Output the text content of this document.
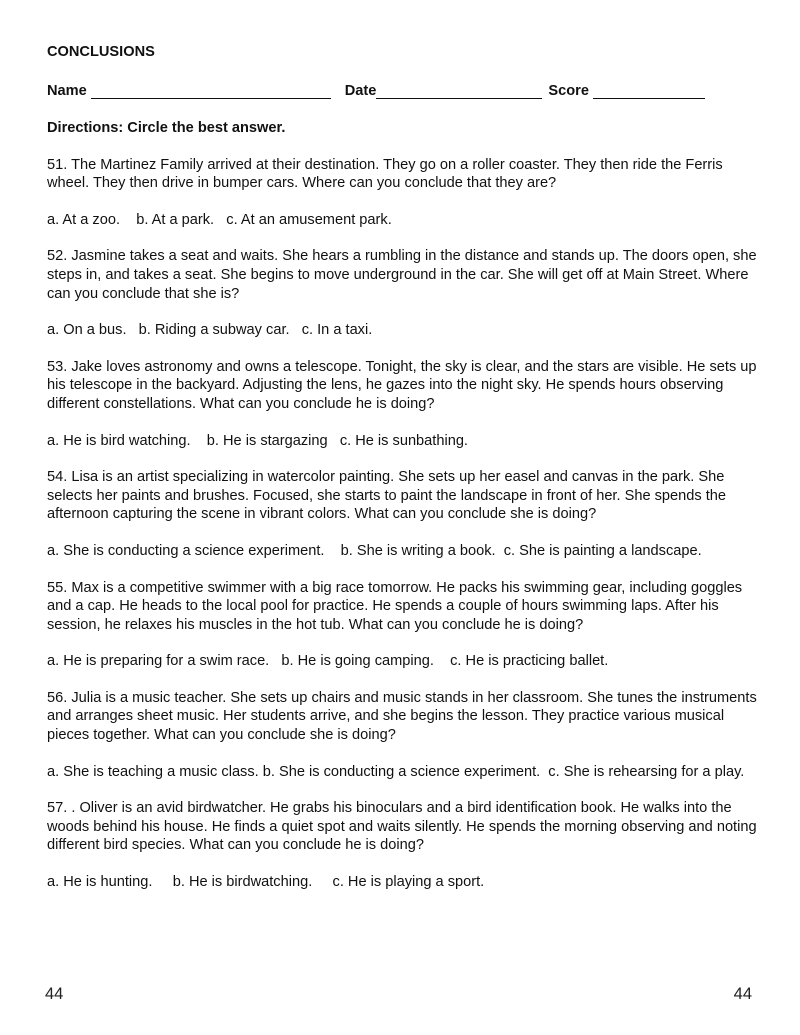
CONCLUSIONS
Name	Date	Score
Directions: Circle the best answer.

51. The Martinez Family arrived at their destination. They go on a roller coaster. They then ride the Ferris wheel. They then drive in bumper cars. Where can you conclude that they are?

a. At a zoo.    b. At a park.   c. At an amusement park.

52. Jasmine takes a seat and waits. She hears a rumbling in the distance and stands up. The doors open, she steps in, and takes a seat. She begins to move underground in the car. She will get off at Main Street. Where can you conclude that she is?

a. On a bus.   b. Riding a subway car.   c. In a taxi.

53. Jake loves astronomy and owns a telescope. Tonight, the sky is clear, and the stars are visible. He sets up his telescope in the backyard. Adjusting the lens, he gazes into the night sky. He spends hours observing different constellations. What can you conclude he is doing?

a. He is bird watching.    b. He is stargazing   c. He is sunbathing.

54. Lisa is an artist specializing in watercolor painting. She sets up her easel and canvas in the park. She selects her paints and brushes. Focused, she starts to paint the landscape in front of her. She spends the afternoon capturing the scene in vibrant colors. What can you conclude she is doing?

a. She is conducting a science experiment.    b. She is writing a book.  c. She is painting a landscape.

55. Max is a competitive swimmer with a big race tomorrow. He packs his swimming gear, including goggles and a cap. He heads to the local pool for practice. He spends a couple of hours swimming laps. After his session, he relaxes his muscles in the hot tub. What can you conclude he is doing?

a. He is preparing for a swim race.   b. He is going camping.    c. He is practicing ballet.

56. Julia is a music teacher. She sets up chairs and music stands in her classroom. She tunes the instruments and arranges sheet music. Her students arrive, and she begins the lesson. They practice various musical pieces together. What can you conclude she is doing?

a. She is teaching a music class. b. She is conducting a science experiment.  c. She is rehearsing for a play.

57. . Oliver is an avid birdwatcher. He grabs his binoculars and a bird identification book. He walks into the woods behind his house. He finds a quiet spot and waits silently. He spends the morning observing and noting different bird species. What can you conclude he is doing?

a. He is hunting.     b. He is birdwatching.     c. He is playing a sport.
44	44
